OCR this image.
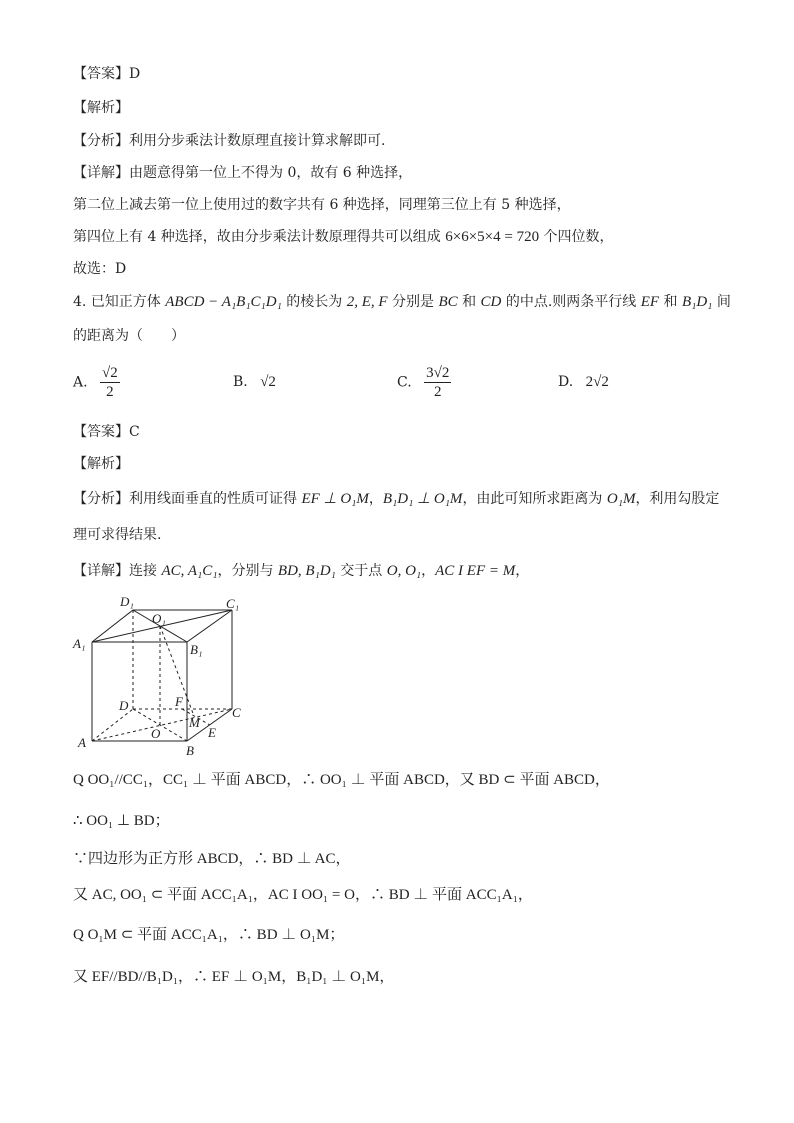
【答案】D
【解析】
【分析】利用分步乘法计数原理直接计算求解即可.
【详解】由题意得第一位上不得为 0，故有 6 种选择，
第二位上减去第一位上使用过的数字共有 6 种选择，同理第三位上有 5 种选择，
第四位上有 4 种选择，故由分步乘法计数原理得共可以组成 6×6×5×4 = 720 个四位数，
故选：D
4. 已知正方体 ABCD − A₁B₁C₁D₁ 的棱长为 2, E, F 分别是 BC 和 CD 的中点.则两条平行线 EF 和 B₁D₁ 间
的距离为（　　）
A. $\frac{√2}{2}$	B. √2	C. $\frac{3√2}{2}$	D. 2√2
【答案】C
【解析】
【分析】利用线面垂直的性质可证得 EF ⊥ O₁M，B₁D₁ ⊥ O₁M，由此可知所求距离为 O₁M，利用勾股定
理可求得结果.
【详解】连接 AC, A₁C₁，分别与 BD, B₁D₁ 交于点 O, O₁，AC I EF = M，
D₁	C₁
A₁	B₁
O₁
D	C
A
B
O
F
M
E
Q OO₁//CC₁，CC₁ ⊥ 平面 ABCD，∴ OO₁ ⊥ 平面 ABCD，又 BD ⊂ 平面 ABCD，
∴ OO₁ ⊥ BD；
∵四边形为正方形 ABCD，∴ BD ⊥ AC，
又 AC, OO₁ ⊂ 平面 ACC₁A₁，AC I OO₁ = O，∴ BD ⊥ 平面 ACC₁A₁，
Q O₁M ⊂ 平面 ACC₁A₁，∴ BD ⊥ O₁M；
又 EF//BD//B₁D₁，∴ EF ⊥ O₁M，B₁D₁ ⊥ O₁M，
